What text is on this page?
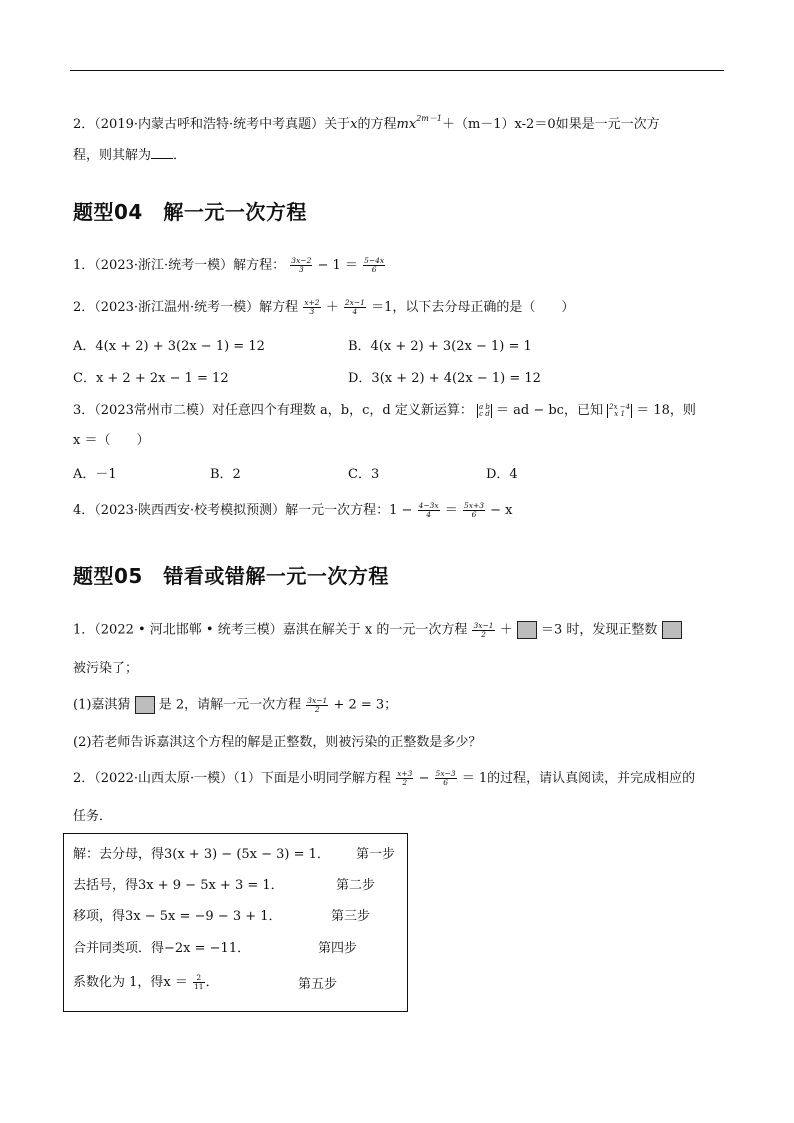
2．（2019·内蒙古呼和浩特·统考中考真题）关于x的方程$mx^{2m-1}+(m-1)x-2=0$如果是一元一次方
程，则其解为 ．
题型04　解一元一次方程
1．（2023·浙江·统考一模）解方程： $\frac{3x-2}{3} - 1 = \frac{5-4x}{6}$
2．（2023·浙江温州·统考一模）解方程 $\frac{x+2}{3} + \frac{2x-1}{4} =1$，以下去分母正确的是（　　）
A．4(x + 2) + 3(2x − 1) = 12	B．4(x + 2) + 3(2x − 1) = 1
C．x + 2 + 2x − 1 = 12	D．3(x + 2) + 4(2x − 1) = 12
3．（2023常州市二模）对任意四个有理数 a，b，c，d 定义新运算： a b
c d ＝ ad − bc，已知 2x −4
x 1 ＝ 18，则
x ＝（　　）
A．－1	B．2	C．3	D．4
4．（2023·陕西西安·校考模拟预测）解一元一次方程：$1 - \frac{4-3x}{4} = \frac{5x+3}{6} - x$
题型05　错看或错解一元一次方程
1．（2022 • 河北邯郸 • 统考三模）嘉淇在解关于 x 的一元一次方程 $\frac{3x-1}{2} + =3$ 时，发现正整数
被污染了；
(1)嘉淇猜 是 2，请解一元一次方程 $\frac{3x-1}{2} + 2 = 3$；
(2)若老师告诉嘉淇这个方程的解是正整数，则被污染的正整数是多少？
2．（2022·山西太原·一模）（1）下面是小明同学解方程 $\frac{x+3}{2} - \frac{5x-3}{6} = 1$的过程，请认真阅读，并完成相应的
任务．
解：去分母，得3(x + 3) − (5x − 3) = 1． 第一步
去括号，得3x + 9 − 5x + 3 = 1．	第二步
移项，得3x − 5x = −9 − 3 + 1．	第三步
合并同类项．得−2x = −11．	第四步
系数化为 1，得$x = \frac{2}{11}$ ．	第五步
